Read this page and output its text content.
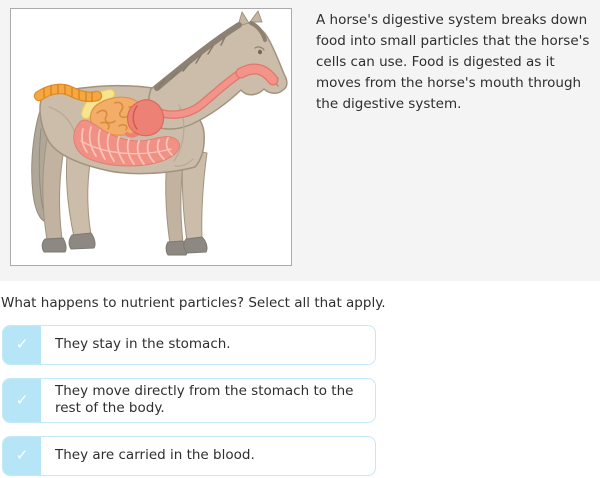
A horse's digestive system breaks down food into small particles that the horse's cells can use. Food is digested as it moves from the horse's mouth through the digestive system.
What happens to nutrient particles? Select all that apply.
✓	They stay in the stomach.
✓
They move directly from the stomach to the rest of the body.
✓	They are carried in the blood.
